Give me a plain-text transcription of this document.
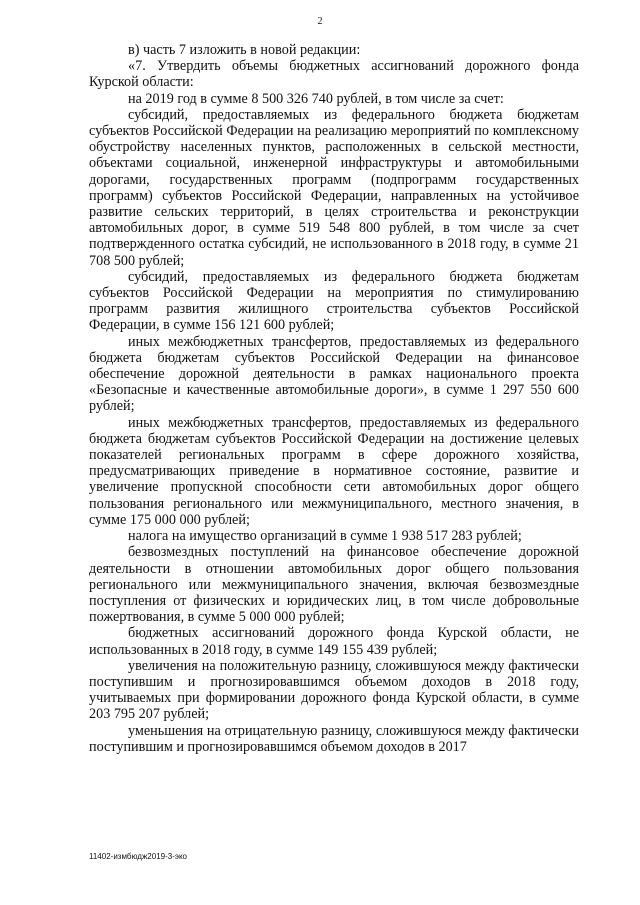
2

в) часть 7 изложить в новой редакции:

«7. Утвердить объемы бюджетных ассигнований дорожного фонда Курской области:

на 2019 год в сумме 8 500 326 740 рублей, в том числе за счет:

субсидий, предоставляемых из федерального бюджета бюджетам субъектов Российской Федерации на реализацию мероприятий по комплексному обустройству населенных пунктов, расположенных в сельской местности, объектами социальной, инженерной инфраструктуры и автомобильными дорогами, государственных программ (подпрограмм государственных программ) субъектов Российской Федерации, направленных на устойчивое развитие сельских территорий, в целях строительства и реконструкции автомобильных дорог, в сумме 519 548 800 рублей, в том числе за счет подтвержденного остатка субсидий, не использованного в 2018 году, в сумме 21 708 500 рублей;

субсидий, предоставляемых из федерального бюджета бюджетам субъектов Российской Федерации на мероприятия по стимулированию программ развития жилищного строительства субъектов Российской Федерации, в сумме 156 121 600 рублей;

иных межбюджетных трансфертов, предоставляемых из федерального бюджета бюджетам субъектов Российской Федерации на финансовое обеспечение дорожной деятельности в рамках национального проекта «Безопасные и качественные автомобильные дороги», в сумме 1 297 550 600 рублей;

иных межбюджетных трансфертов, предоставляемых из федерального бюджета бюджетам субъектов Российской Федерации на достижение целевых показателей региональных программ в сфере дорожного хозяйства, предусматривающих приведение в нормативное состояние, развитие и увеличение пропускной способности сети автомобильных дорог общего пользования регионального или межмуниципального, местного значения, в сумме 175 000 000 рублей;

налога на имущество организаций в сумме 1 938 517 283 рублей;

безвозмездных поступлений на финансовое обеспечение дорожной деятельности в отношении автомобильных дорог общего пользования регионального или межмуниципального значения, включая безвозмездные поступления от физических и юридических лиц, в том числе добровольные пожертвования, в сумме 5 000 000 рублей;

бюджетных ассигнований дорожного фонда Курской области, не использованных в 2018 году, в сумме 149 155 439 рублей;

увеличения на положительную разницу, сложившуюся между фактически поступившим и прогнозировавшимся объемом доходов в 2018 году, учитываемых при формировании дорожного фонда Курской области, в сумме 203 795 207 рублей;

уменьшения на отрицательную разницу, сложившуюся между фактически поступившим и прогнозировавшимся объемом доходов в 2017

11402-измбюдж2019-3-эко
